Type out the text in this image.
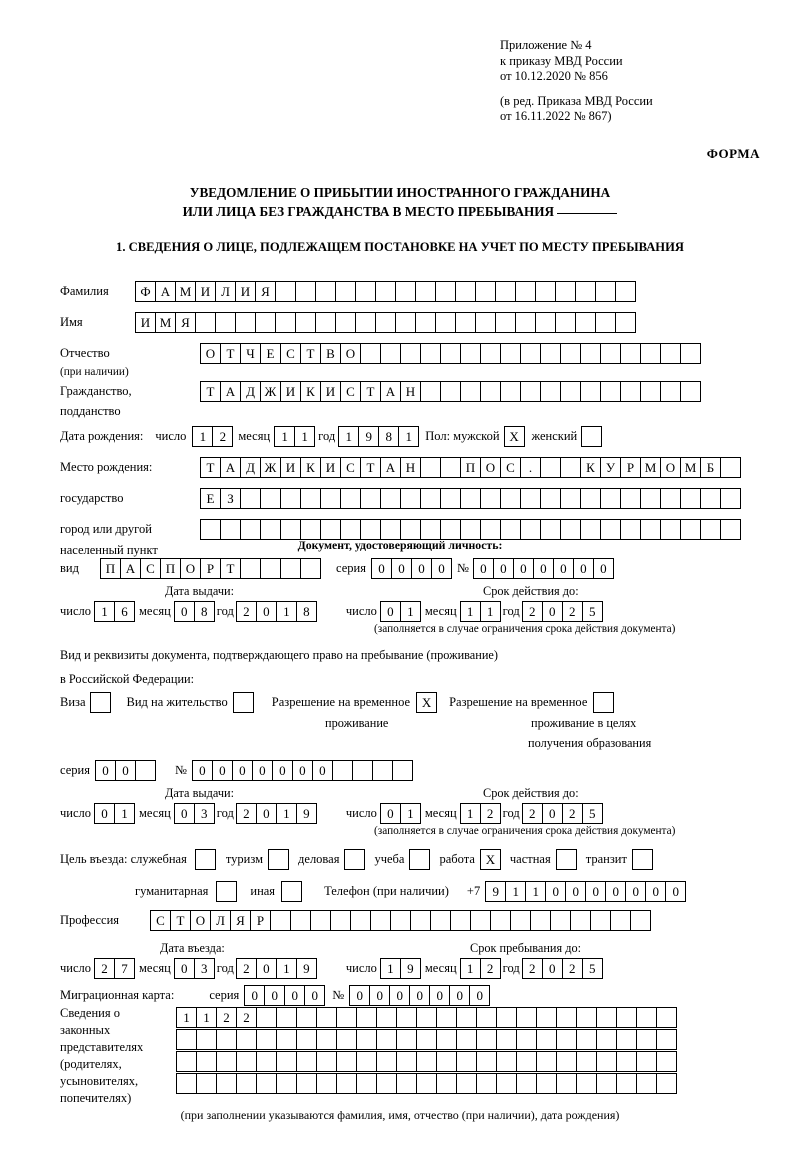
Приложение № 4
к приказу МВД России
от 10.12.2020 № 856
(в ред. Приказа МВД России
от 16.11.2022 № 867)
ФОРМА
УВЕДОМЛЕНИЕ О ПРИБЫТИИ ИНОСТРАННОГО ГРАЖДАНИНА
ИЛИ ЛИЦА БЕЗ ГРАЖДАНСТВА В МЕСТО ПРЕБЫВАНИЯ
1. СВЕДЕНИЯ О ЛИЦЕ, ПОДЛЕЖАЩЕМ ПОСТАНОВКЕ НА УЧЕТ ПО МЕСТУ ПРЕБЫВАНИЯ
Фамилия	Ф А М И Л И Я
Имя	И М Я
Отчество	О Т Ч Е С Т В О
(при наличии)
Гражданство,	Т А Д Ж И К И С Т А Н
подданство
Дата рождения: число	1	2 месяц 1	1 год 1	9	8	1	Пол: мужской Х	женский
Место рождения:	Т А Д Ж И К И С Т А Н	П О С	.	К У Р М О М Б
государство	Е З
город или другой
населенный пункт	Документ, удостоверяющий личность:
вид	П А С П О Р Т	серия 0	0	0	0 № 0	0	0	0	0	0	0
Дата выдачи:	Срок действия до:
число 1	6 месяц 0	8 год 2	0	1	8	число 0	1 месяц 1	1 год 2	0	2	5
(заполняется в случае ограничения срока действия документа)
Вид и реквизиты документа, подтверждающего право на пребывание (проживание)
в Российской Федерации:
Виза	Вид на жительство	Разрешение на временное Х	Разрешение на временное
проживание	проживание в целях
получения образования
серия 0	0	№ 0	0	0	0	0	0	0
Дата выдачи:	Срок действия до:
число 0	1 месяц 0	3 год 2	0	1	9	число 0	1 месяц 1	2 год 2	0	2	5
(заполняется в случае ограничения срока действия документа)
Цель въезда: служебная	туризм	деловая	учеба	работа Х	частная	транзит
гуманитарная	иная	Телефон (при наличии) +7 9	1	1	0	0	0	0	0	0	0
Профессия	С Т О Л Я Р
Дата въезда:	Срок пребывания до:
число 2	7 месяц 0	3 год 2	0	1	9	число 1	9 месяц 1	2 год 2	0	2	5
Миграционная карта:	серия 0	0	0	0	№ 0	0	0	0	0	0	0
Сведения о
законных
представителях
(родителях,
усыновителях,
попечителях)
1	1	2	2
(при заполнении указываются фамилия, имя, отчество (при наличии), дата рождения)
